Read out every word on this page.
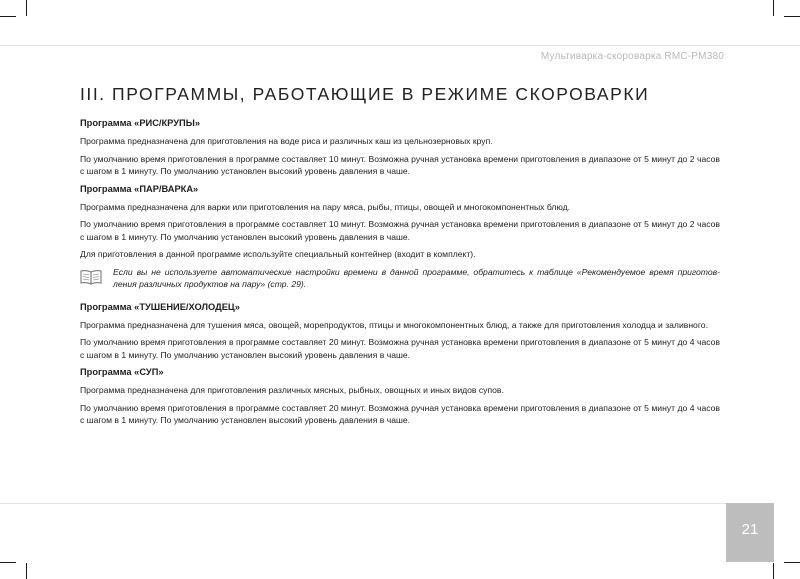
Мультиварка-скороварка RMC-PM380
III. ПРОГРАММЫ, РАБОТАЮЩИЕ В РЕЖИМЕ СКОРОВАРКИ
Программа «РИС/КРУПЫ»

Программа предназначена для приготовления на воде риса и различных каш из цельнозерновых круп.

По умолчанию время приготовления в программе составляет 10 минут. Возможна ручная установка времени приготовления в диапазоне от 5 минут до 2 часов с шагом в 1 минуту. По умолчанию установлен высокий уровень давления в чаше.

Программа «ПАР/ВАРКА»

Программа предназначена для варки или приготовления на пару мяса, рыбы, птицы, овощей и многокомпонентных блюд.

По умолчанию время приготовления в программе составляет 10 минут. Возможна ручная установка времени приготовления в диапазоне от 5 минут до 2 часов с шагом в 1 минуту. По умолчанию установлен высокий уровень давления в чаше.

Для приготовления в данной программе используйте специальный контейнер (входит в комплект).

Если вы не используете автоматические настройки времени в данной программе, обратитесь к таблице «Рекомендуемое время приготов-ления различных продуктов на пару» (стр. 29).

Программа «ТУШЕНИЕ/ХОЛОДЕЦ»

Программа предназначена для тушения мяса, овощей, морепродуктов, птицы и многокомпонентных блюд, а также для приготовления холодца и заливного.

По умолчанию время приготовления в программе составляет 20 минут. Возможна ручная установка времени приготовления в диапазоне от 5 минут до 4 часов с шагом в 1 минуту. По умолчанию установлен высокий уровень давления в чаше.

Программа «СУП»

Программа предназначена для приготовления различных мясных, рыбных, овощных и иных видов супов.

По умолчанию время приготовления в программе составляет 20 минут. Возможна ручная установка времени приготовления в диапазоне от 5 минут до 4 часов с шагом в 1 минуту. По умолчанию установлен высокий уровень давления в чаше.

21
